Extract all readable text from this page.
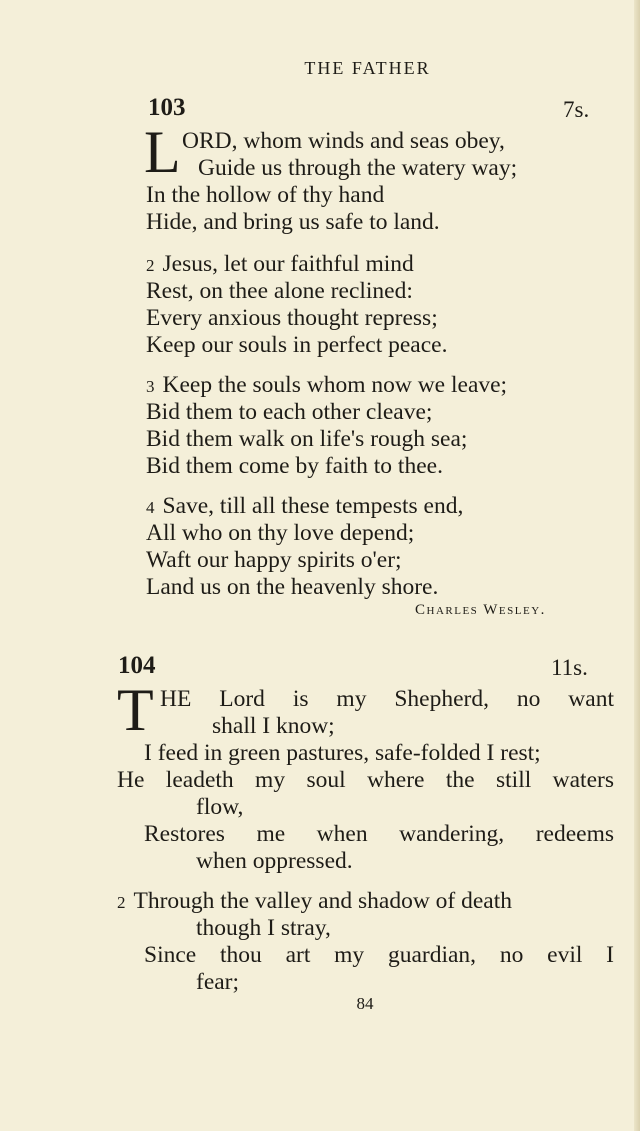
THE FATHER
103	7s.
L ORD, whom winds and seas obey,
Guide us through the watery way;
In the hollow of thy hand
Hide, and bring us safe to land.
2 Jesus, let our faithful mind
Rest, on thee alone reclined:
Every anxious thought repress;
Keep our souls in perfect peace.
3 Keep the souls whom now we leave;
Bid them to each other cleave;
Bid them walk on life's rough sea;
Bid them come by faith to thee.
4 Save, till all these tempests end,
All who on thy love depend;
Waft our happy spirits o'er;
Land us on the heavenly shore.
Charles Wesley.
104	11s.
T HE Lord is my Shepherd, no want
shall I know;
I feed in green pastures, safe-folded I rest;
He leadeth my soul where the still waters
flow,
Restores me when wandering, redeems
when oppressed.
2 Through the valley and shadow of death
though I stray,
Since thou art my guardian, no evil I
fear;
84
